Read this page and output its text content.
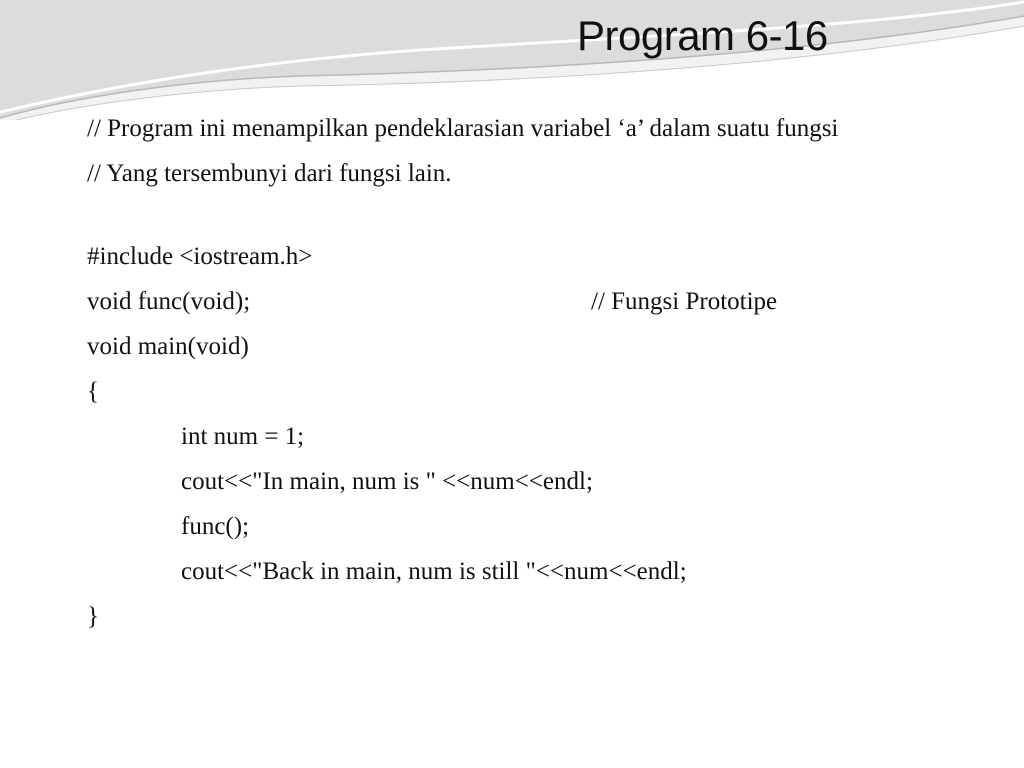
Program 6-16

// Program ini menampilkan pendeklarasian variabel ‘a’ dalam suatu fungsi

// Yang tersembunyi dari fungsi lain.

#include <iostream.h>
void func(void);	// Fungsi Prototipe
void main(void)
{
int num = 1;
cout<<"In main, num is " <<num<<endl;
func();
cout<<"Back in main, num is still "<<num<<endl;
}
